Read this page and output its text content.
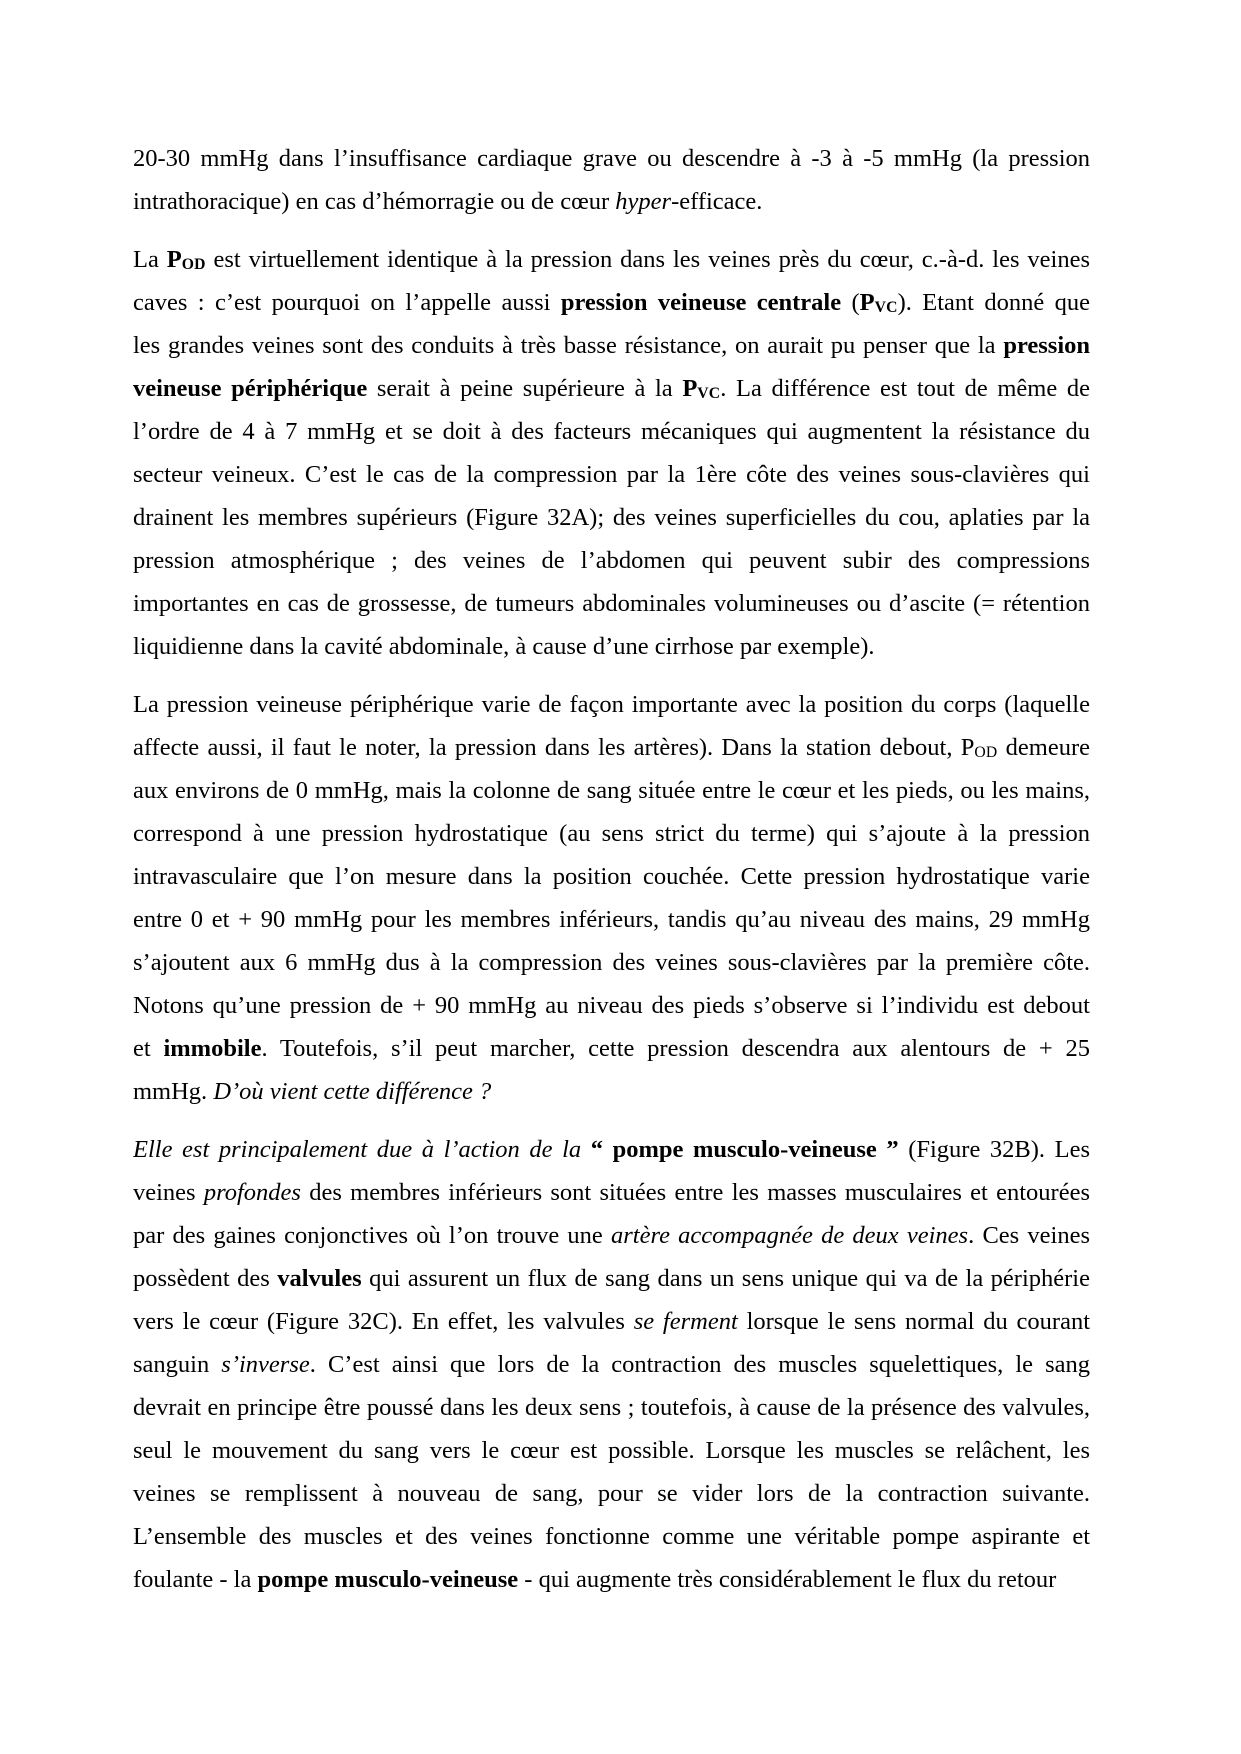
20-30 mmHg dans l’insuffisance cardiaque grave ou descendre à -3 à -5 mmHg (la pression
intrathoracique) en cas d’hémorragie ou de cœur hyper-efficace.
La POD est virtuellement identique à la pression dans les veines près du cœur, c.-à-d. les veines
caves : c’est pourquoi on l’appelle aussi pression veineuse centrale (PVC). Etant donné que
les grandes veines sont des conduits à très basse résistance, on aurait pu penser que la pression
veineuse périphérique serait à peine supérieure à la PVC. La différence est tout de même de
l’ordre de 4 à 7 mmHg et se doit à des facteurs mécaniques qui augmentent la résistance du
secteur veineux. C’est le cas de la compression par la 1ère côte des veines sous-clavières qui
drainent les membres supérieurs (Figure 32A); des veines superficielles du cou, aplaties par la
pression atmosphérique ; des veines de l’abdomen qui peuvent subir des compressions
importantes en cas de grossesse, de tumeurs abdominales volumineuses ou d’ascite (= rétention
liquidienne dans la cavité abdominale, à cause d’une cirrhose par exemple).
La pression veineuse périphérique varie de façon importante avec la position du corps (laquelle
affecte aussi, il faut le noter, la pression dans les artères). Dans la station debout, POD demeure
aux environs de 0 mmHg, mais la colonne de sang située entre le cœur et les pieds, ou les mains,
correspond à une pression hydrostatique (au sens strict du terme) qui s’ajoute à la pression
intravasculaire que l’on mesure dans la position couchée. Cette pression hydrostatique varie
entre 0 et + 90 mmHg pour les membres inférieurs, tandis qu’au niveau des mains, 29 mmHg
s’ajoutent aux 6 mmHg dus à la compression des veines sous-clavières par la première côte.
Notons qu’une pression de + 90 mmHg au niveau des pieds s’observe si l’individu est debout
et immobile. Toutefois, s’il peut marcher, cette pression descendra aux alentours de + 25
mmHg. D’où vient cette différence ?
Elle est principalement due à l’action de la “ pompe musculo-veineuse ” (Figure 32B). Les
veines profondes des membres inférieurs sont situées entre les masses musculaires et entourées
par des gaines conjonctives où l’on trouve une artère accompagnée de deux veines. Ces veines
possèdent des valvules qui assurent un flux de sang dans un sens unique qui va de la périphérie
vers le cœur (Figure 32C). En effet, les valvules se ferment lorsque le sens normal du courant
sanguin s’inverse. C’est ainsi que lors de la contraction des muscles squelettiques, le sang
devrait en principe être poussé dans les deux sens ; toutefois, à cause de la présence des valvules,
seul le mouvement du sang vers le cœur est possible. Lorsque les muscles se relâchent, les
veines se remplissent à nouveau de sang, pour se vider lors de la contraction suivante.
L’ensemble des muscles et des veines fonctionne comme une véritable pompe aspirante et
foulante - la pompe musculo-veineuse - qui augmente très considérablement le flux du retour
